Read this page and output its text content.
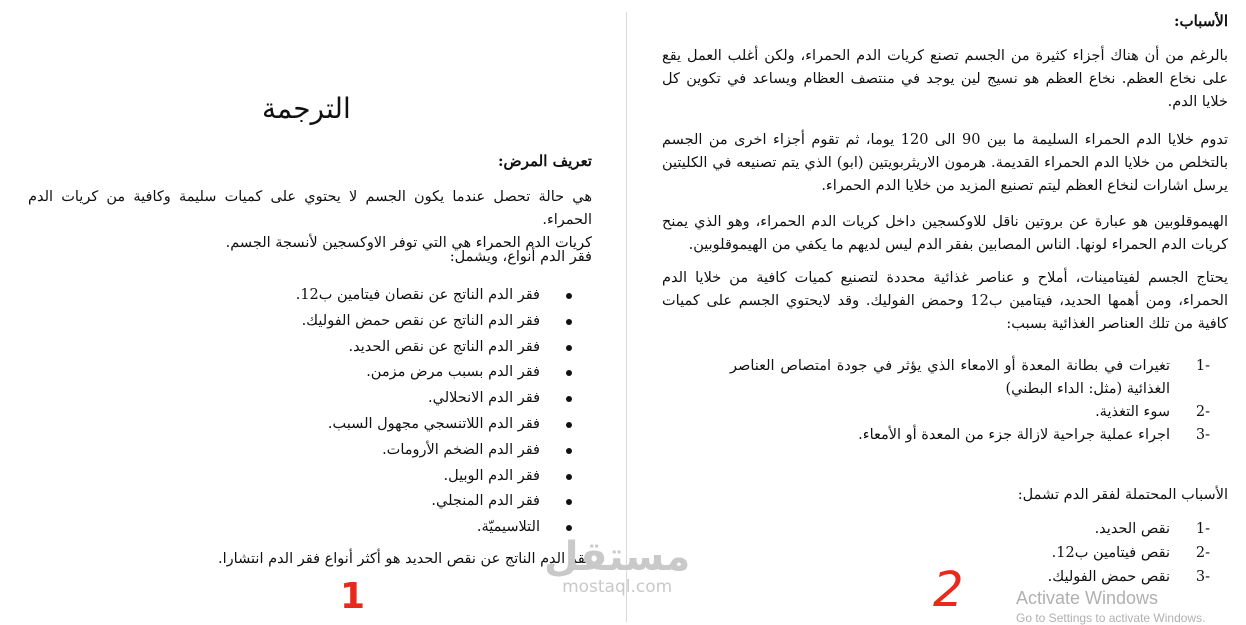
الترجمة
تعريف المرض:

هي حالة تحصل عندما يكون الجسم لا يحتوي على كميات سليمة وكافية من كريات الدم الحمراء.

كريات الدم الحمراء هي التي توفر الاوكسجين لأنسجة الجسم.

فقر الدم أنواع، ويشمل:
فقر الدم الناتج عن نقصان فيتامين ب12.
فقر الدم الناتج عن نقص حمض الفوليك.
فقر الدم الناتج عن نقص الحديد.
فقر الدم بسبب مرض مزمن.
فقر الدم الانحلالي.
فقر الدم اللاتنسجي مجهول السبب.
فقر الدم الضخم الأرومات.
فقر الدم الوبيل.
فقر الدم المنجلي.
التلاسيميّة.
فقر الدم الناتج عن نقص الحديد هو أكثر أنواع فقر الدم انتشارا.
الأسباب:

بالرغم من أن هناك أجزاء كثيرة من الجسم تصنع كريات الدم الحمراء، ولكن أغلب العمل يقع على نخاع العظم. نخاع العظم هو نسيج لين يوجد في منتصف العظام ويساعد في تكوين كل خلايا الدم.

تدوم خلايا الدم الحمراء السليمة ما بين 90 الى 120 يوما، ثم تقوم أجزاء اخرى من الجسم بالتخلص من خلايا الدم الحمراء القديمة. هرمون الاريثربويتين (ابو) الذي يتم تصنيعه في الكليتين يرسل اشارات لنخاع العظم ليتم تصنيع المزيد من خلايا الدم الحمراء.

الهيموقلوبين هو عبارة عن بروتين ناقل للاوكسجين داخل كريات الدم الحمراء، وهو الذي يمنح كريات الدم الحمراء لونها. الناس المصابين بفقر الدم ليس لديهم ما يكفي من الهيموقلوبين.

يحتاج الجسم لفيتامينات، أملاح و عناصر غذائية محددة لتصنيع كميات كافية من خلايا الدم الحمراء، ومن أهمها الحديد، فيتامين ب12 وحمض الفوليك. وقد لايحتوي الجسم على كميات كافية من تلك العناصر الغذائية بسبب:

1-
تغيرات في بطانة المعدة أو الامعاء الذي يؤثر في جودة امتصاص العناصر الغذائية (مثل: الداء البطني)
2-
سوء التغذية.
3-
اجراء عملية جراحية لازالة جزء من المعدة أو الأمعاء.
الأسباب المحتملة لفقر الدم تشمل:
1-
نقص الحديد.
2-
نقص فيتامين ب12.
3-
نقص حمض الفوليك.
1	2
مستقل
mostaql.com
Activate Windows
Go to Settings to activate Windows.
